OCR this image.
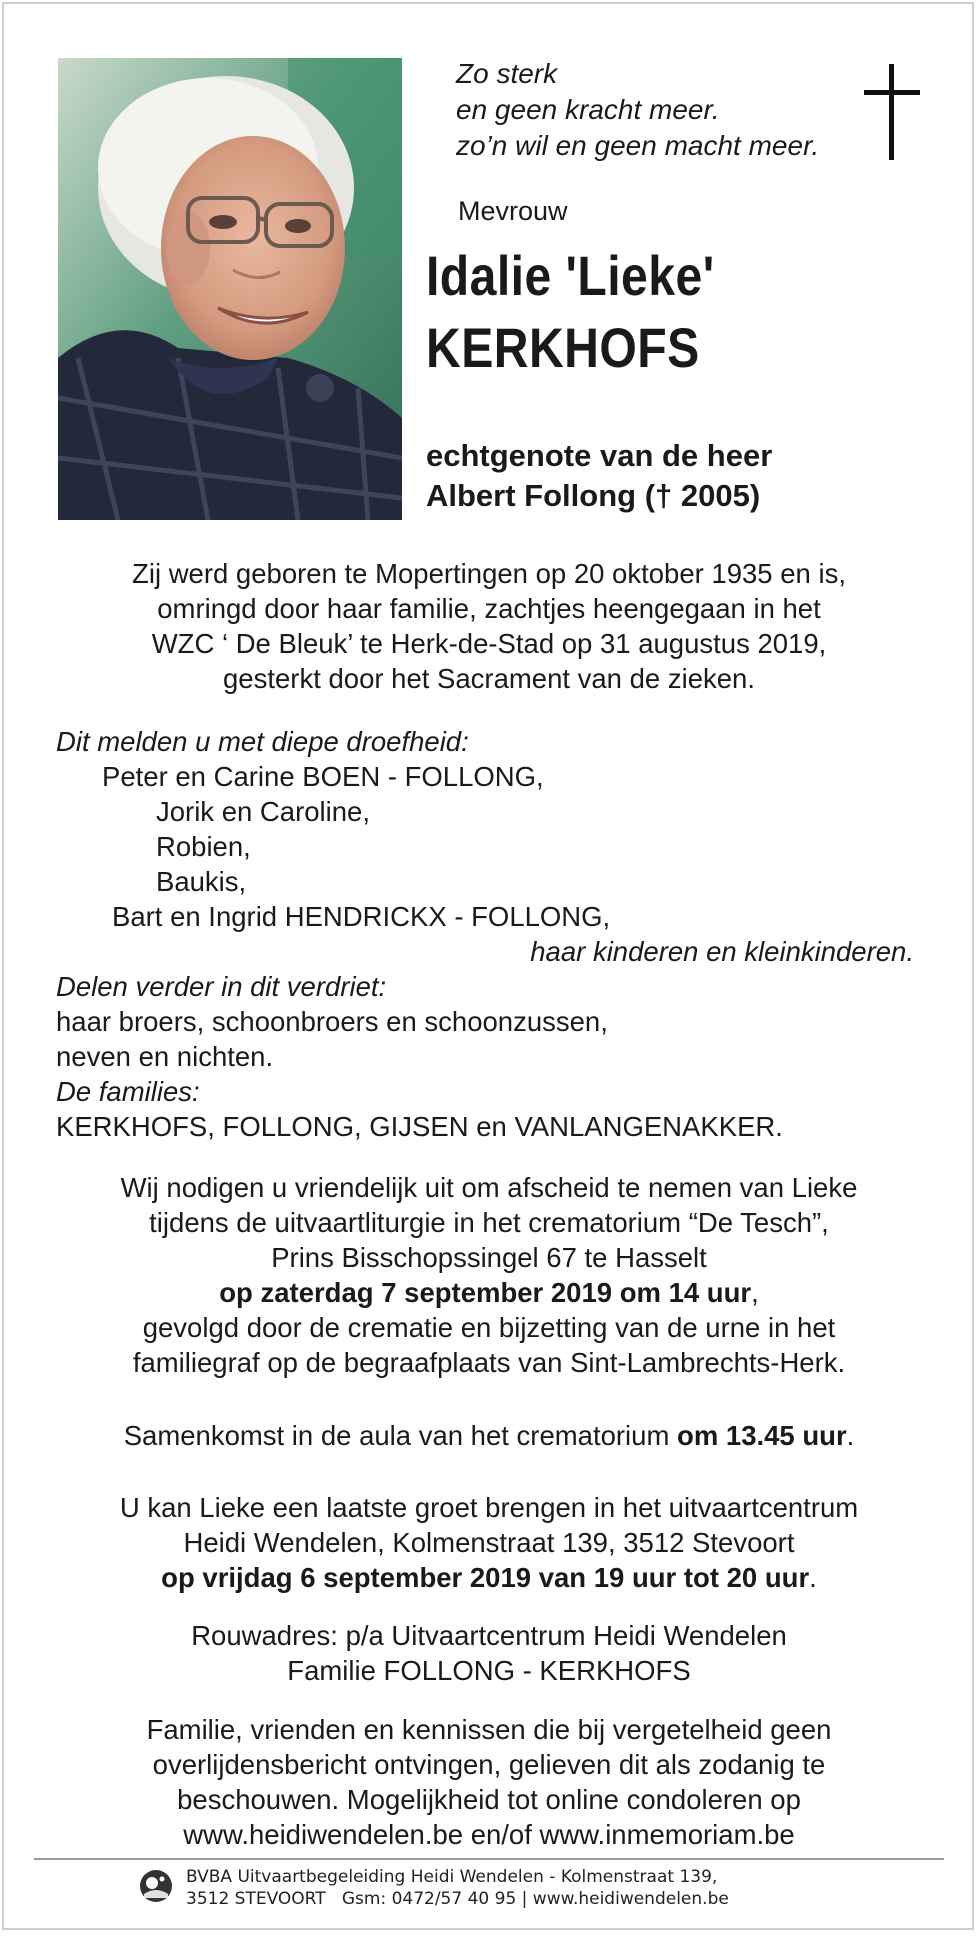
Zo sterk
en geen kracht meer.
zo’n wil en geen macht meer.
Mevrouw
Idalie 'Lieke'
KERKHOFS
echtgenote van de heer
Albert Follong († 2005)
Zij werd geboren te Mopertingen op 20 oktober 1935 en is,
omringd door haar familie, zachtjes heengegaan in het
WZC ‘ De Bleuk’ te Herk-de-Stad op 31 augustus 2019,
gesterkt door het Sacrament van de zieken.
Dit melden u met diepe droefheid:
Peter en Carine BOEN - FOLLONG,
Jorik en Caroline,
Robien,
Baukis,
Bart en Ingrid HENDRICKX - FOLLONG,
haar kinderen en kleinkinderen.
Delen verder in dit verdriet:
haar broers, schoonbroers en schoonzussen,
neven en nichten.
De families:
KERKHOFS, FOLLONG, GIJSEN en VANLANGENAKKER.
Wij nodigen u vriendelijk uit om afscheid te nemen van Lieke
tijdens de uitvaartliturgie in het crematorium “De Tesch”,
Prins Bisschopssingel 67 te Hasselt
op zaterdag 7 september 2019 om 14 uur,
gevolgd door de crematie en bijzetting van de urne in het
familiegraf op de begraafplaats van Sint-Lambrechts-Herk.
Samenkomst in de aula van het crematorium om 13.45 uur.
U kan Lieke een laatste groet brengen in het uitvaartcentrum
Heidi Wendelen, Kolmenstraat 139, 3512 Stevoort
op vrijdag 6 september 2019 van 19 uur tot 20 uur.
Rouwadres: p/a Uitvaartcentrum Heidi Wendelen
Familie FOLLONG - KERKHOFS
Familie, vrienden en kennissen die bij vergetelheid geen
overlijdensbericht ontvingen, gelieven dit als zodanig te
beschouwen. Mogelijkheid tot online condoleren op
www.heidiwendelen.be en/of www.inmemoriam.be
BVBA Uitvaartbegeleiding Heidi Wendelen - Kolmenstraat 139,
3512 STEVOORT   Gsm: 0472/57 40 95 | www.heidiwendelen.be
